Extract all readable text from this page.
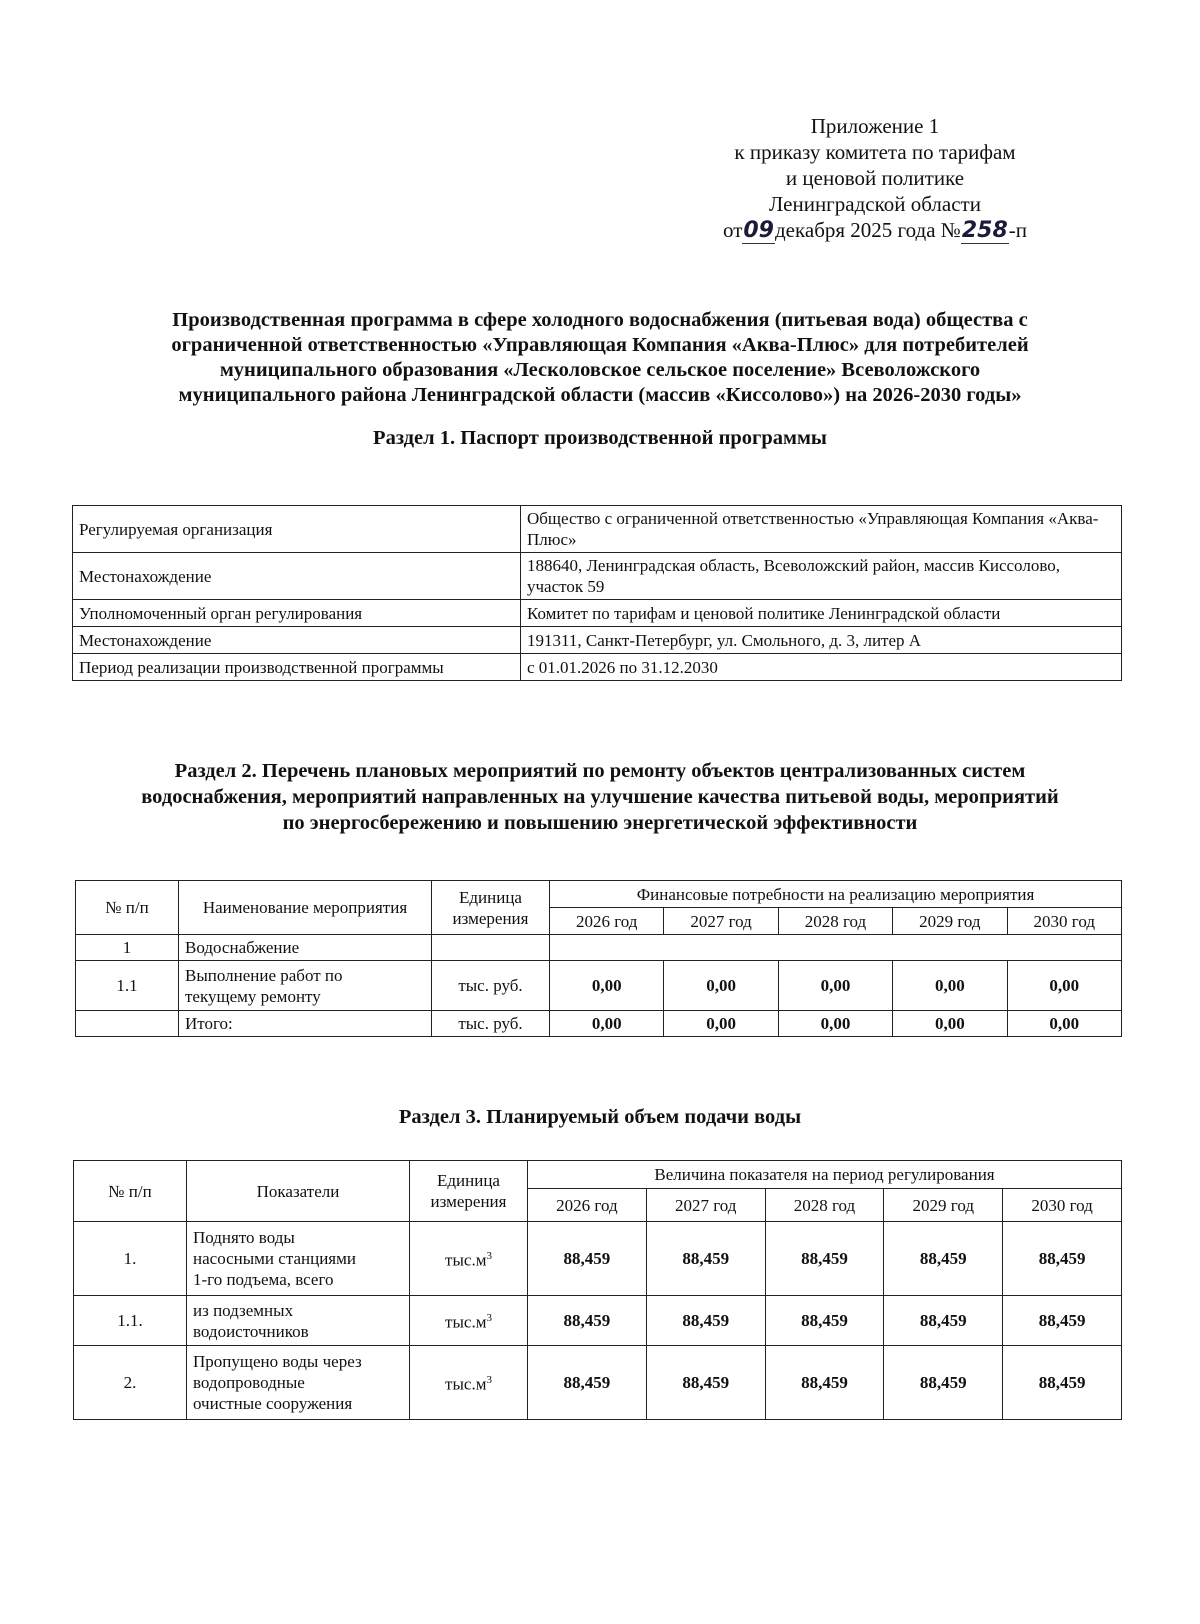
Приложение 1
к приказу комитета по тарифам
и ценовой политике
Ленинградской области
от09декабря 2025 года №258-п
Производственная программа в сфере холодного водоснабжения (питьевая вода) общества с
ограниченной ответственностью «Управляющая Компания «Аква-Плюс» для потребителей
муниципального образования «Лесколовское сельское поселение» Всеволожского
муниципального района Ленинградской области (массив «Киссолово») на 2026-2030 годы»
Раздел 1. Паспорт производственной программы
Регулируемая организация	Общество с ограниченной ответственностью «Управляющая Компания «Аква-Плюс»
Местонахождение	188640, Ленинградская область, Всеволожский район, массив Киссолово, участок 59
Уполномоченный орган регулирования	Комитет по тарифам и ценовой политике Ленинградской области
Местонахождение	191311, Санкт-Петербург, ул. Смольного, д. 3, литер А
Период реализации производственной программы	с 01.01.2026 по 31.12.2030
Раздел 2. Перечень плановых мероприятий по ремонту объектов централизованных систем
водоснабжения, мероприятий направленных на улучшение качества питьевой воды, мероприятий
по энергосбережению и повышению энергетической эффективности
№ п/п	Наименование мероприятия	Единица
измерения	Финансовые потребности на реализацию мероприятия				
			2026 год	2027 год	2028 год	2029 год	2030 год
1	Водоснабжение						
1.1	Выполнение работ по
текущему ремонту	тыс. руб.	0,00	0,00	0,00	0,00	0,00
	Итого:	тыс. руб.	0,00	0,00	0,00	0,00	0,00
Раздел 3. Планируемый объем подачи воды
№ п/п	Показатели	Единица
измерения	Величина показателя на период регулирования				
			2026 год	2027 год	2028 год	2029 год	2030 год
1.	Поднято воды
насосными станциями
1-го подъема, всего	$тыс.м^3$	88,459	88,459	88,459	88,459	88,459
1.1.	из подземных
водоисточников	$тыс.м^3$	88,459	88,459	88,459	88,459	88,459
2.	Пропущено воды через
водопроводные
очистные сооружения	$тыс.м^3$	88,459	88,459	88,459	88,459	88,459
